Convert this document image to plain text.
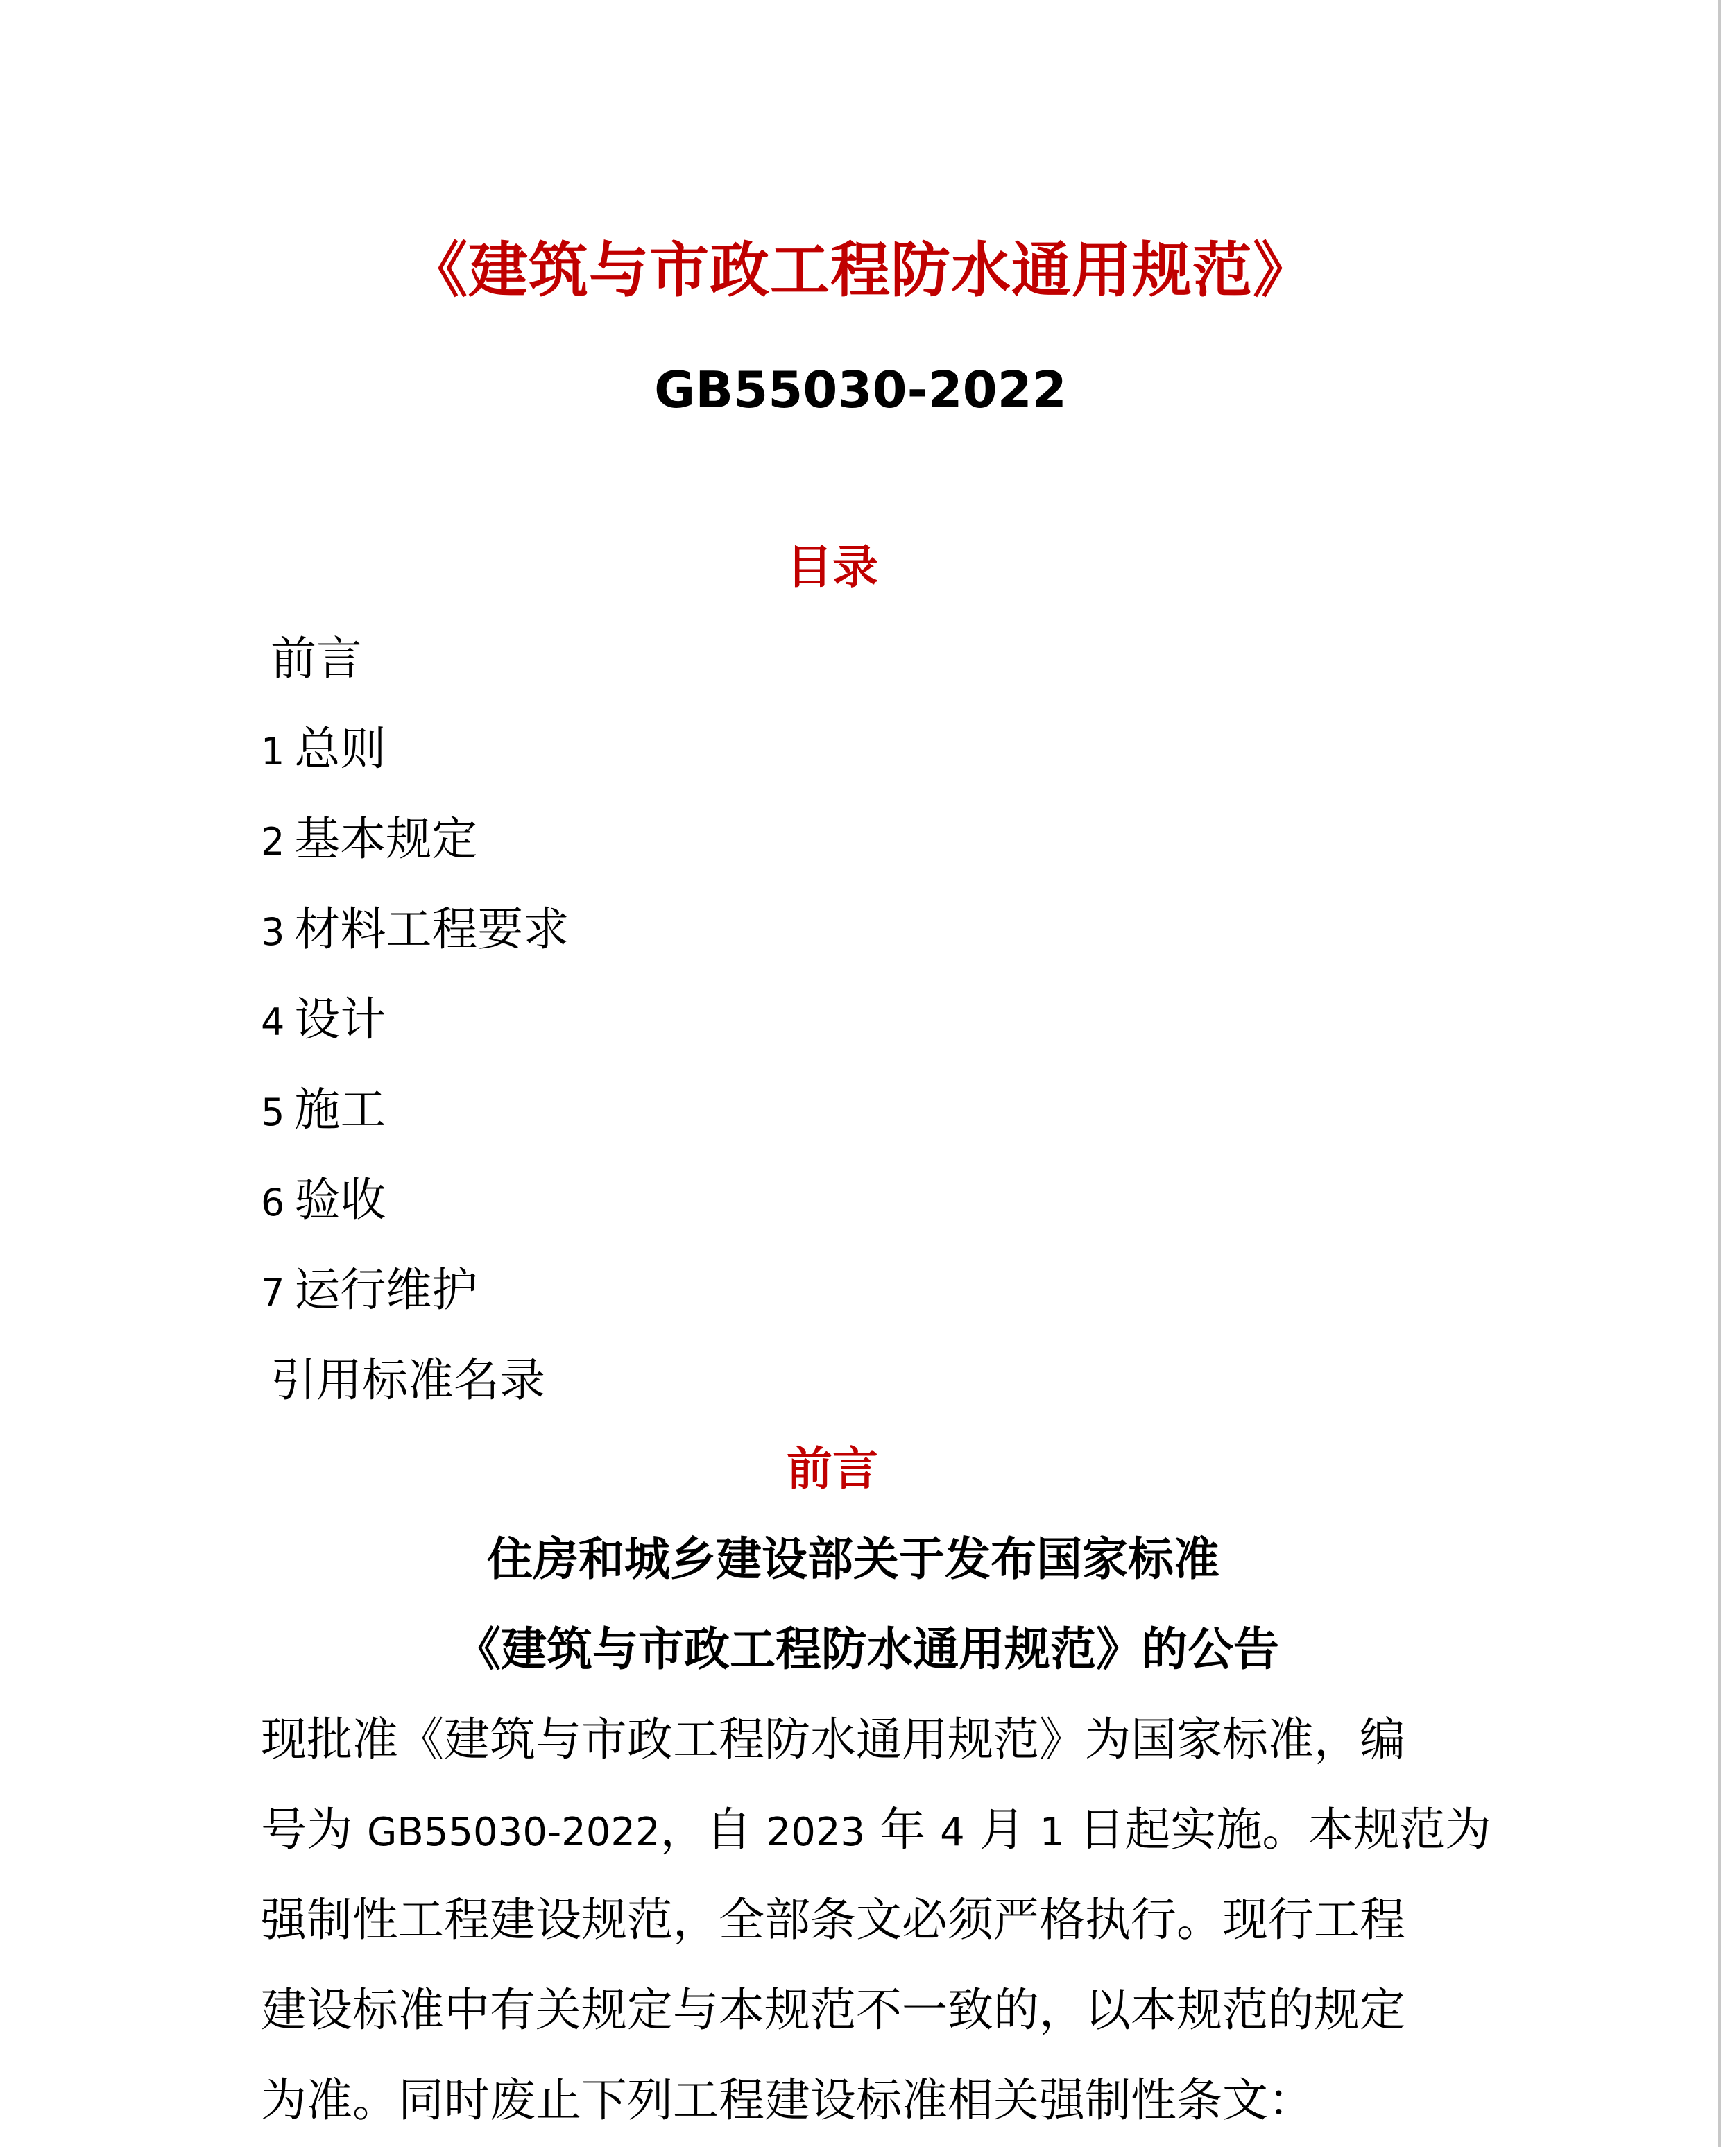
《建筑与市政工程防水通用规范》
GB55030-2022
目录
前言
1 总则
2 基本规定
3 材料工程要求
4 设计
5 施工
6 验收
7 运行维护
引用标准名录
前言
住房和城乡建设部关于发布国家标准
《建筑与市政工程防水通用规范》的公告
现批准《建筑与市政工程防水通用规范》为国家标准，编
号为 GB55030-2022，自 2023 年 4 月 1 日起实施。本规范为
强制性工程建设规范，全部条文必须严格执行。现行工程
建设标准中有关规定与本规范不一致的，以本规范的规定
为准。同时废止下列工程建设标准相关强制性条文：
